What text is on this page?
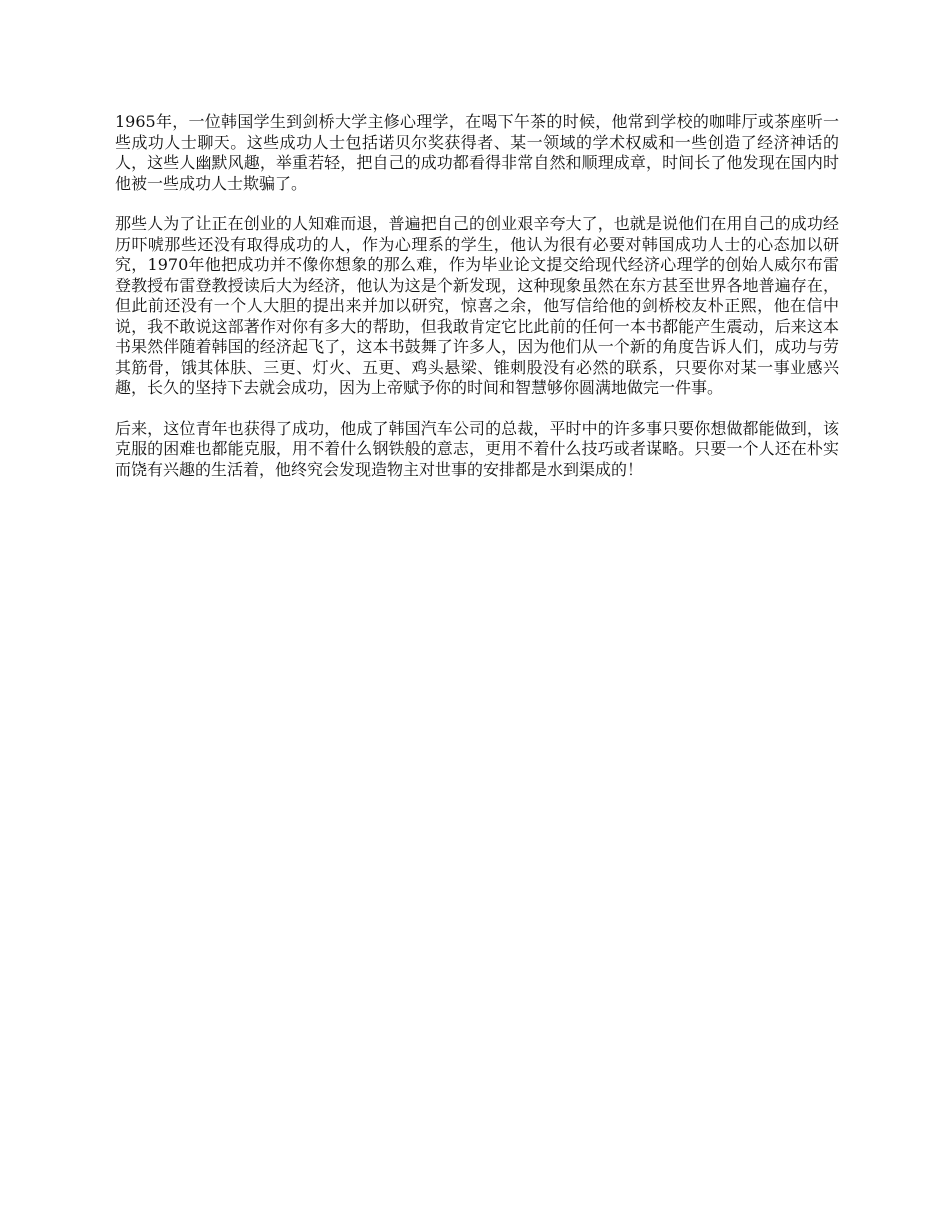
1965年，一位韩国学生到剑桥大学主修心理学，在喝下午茶的时候，他常到学校的咖啡厅或茶座听一些成功人士聊天。这些成功人士包括诺贝尔奖获得者、某一领域的学术权威和一些创造了经济神话的人，这些人幽默风趣，举重若轻，把自己的成功都看得非常自然和顺理成章，时间长了他发现在国内时他被一些成功人士欺骗了。

那些人为了让正在创业的人知难而退，普遍把自己的创业艰辛夸大了，也就是说他们在用自己的成功经历吓唬那些还没有取得成功的人，作为心理系的学生，他认为很有必要对韩国成功人士的心态加以研究，1970年他把成功并不像你想象的那么难，作为毕业论文提交给现代经济心理学的创始人威尔布雷登教授布雷登教授读后大为经济，他认为这是个新发现，这种现象虽然在东方甚至世界各地普遍存在，但此前还没有一个人大胆的提出来并加以研究，惊喜之余，他写信给他的剑桥校友朴正熙，他在信中说，我不敢说这部著作对你有多大的帮助，但我敢肯定它比此前的任何一本书都能产生震动，后来这本书果然伴随着韩国的经济起飞了，这本书鼓舞了许多人，因为他们从一个新的角度告诉人们，成功与劳其筋骨，饿其体肤、三更、灯火、五更、鸡头悬梁、锥刺股没有必然的联系，只要你对某一事业感兴趣，长久的坚持下去就会成功，因为上帝赋予你的时间和智慧够你圆满地做完一件事。

后来，这位青年也获得了成功，他成了韩国汽车公司的总裁，平时中的许多事只要你想做都能做到，该克服的困难也都能克服，用不着什么钢铁般的意志，更用不着什么技巧或者谋略。只要一个人还在朴实而饶有兴趣的生活着，他终究会发现造物主对世事的安排都是水到渠成的！
